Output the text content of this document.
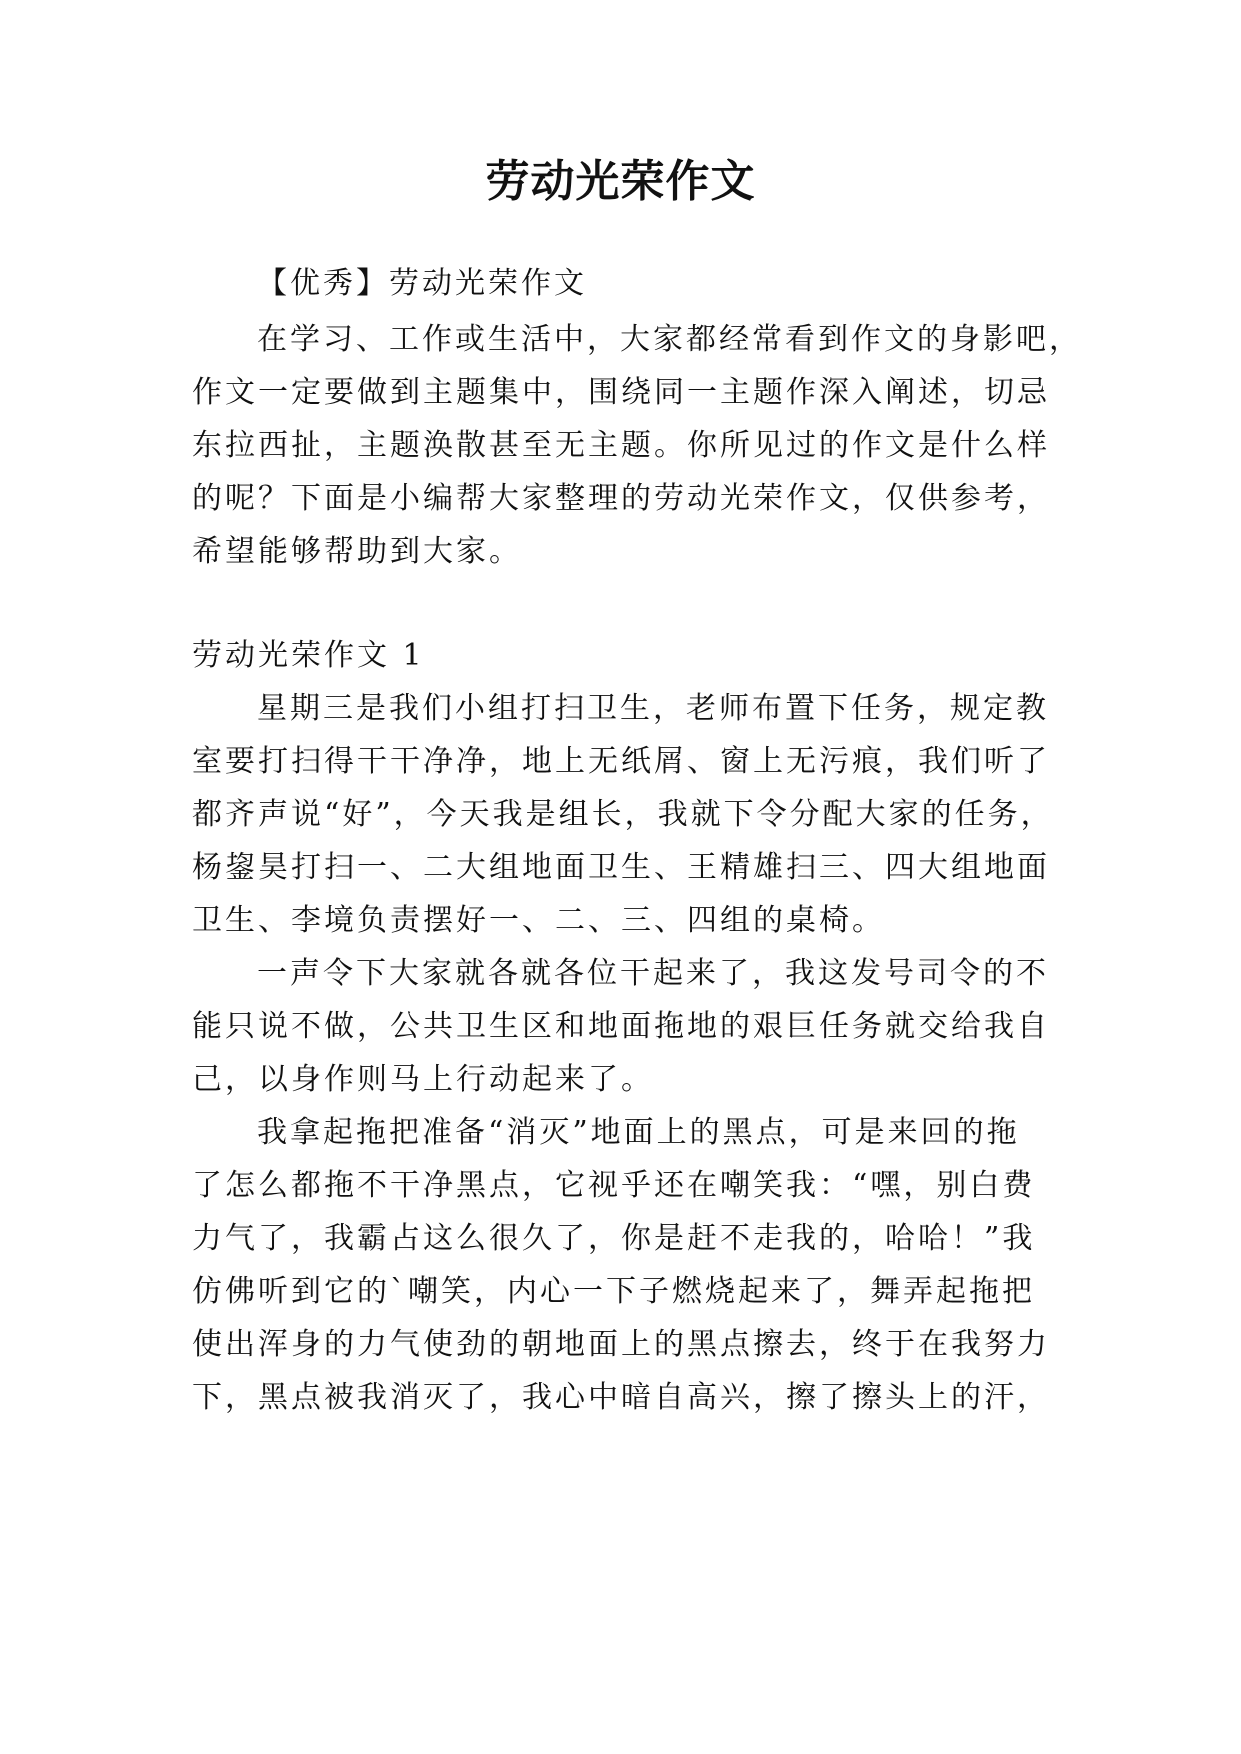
劳动光荣作文
【优秀】劳动光荣作文
在学习、工作或生活中，大家都经常看到作文的身影吧，
作文一定要做到主题集中，围绕同一主题作深入阐述，切忌
东拉西扯，主题涣散甚至无主题。你所见过的作文是什么样
的呢？下面是小编帮大家整理的劳动光荣作文，仅供参考，
希望能够帮助到大家。
劳动光荣作文 1
星期三是我们小组打扫卫生，老师布置下任务，规定教
室要打扫得干干净净，地上无纸屑、窗上无污痕，我们听了
都齐声说“好”，今天我是组长，我就下令分配大家的任务，
杨鋆昊打扫一、二大组地面卫生、王精雄扫三、四大组地面
卫生、李境负责摆好一、二、三、四组的桌椅。
一声令下大家就各就各位干起来了，我这发号司令的不
能只说不做，公共卫生区和地面拖地的艰巨任务就交给我自
己，以身作则马上行动起来了。
我拿起拖把准备“消灭”地面上的黑点，可是来回的拖
了怎么都拖不干净黑点，它视乎还在嘲笑我：“嘿，别白费
力气了，我霸占这么很久了，你是赶不走我的，哈哈！”我
仿佛听到它的`嘲笑，内心一下子燃烧起来了，舞弄起拖把
使出浑身的力气使劲的朝地面上的黑点擦去，终于在我努力
下，黑点被我消灭了，我心中暗自高兴，擦了擦头上的汗，
